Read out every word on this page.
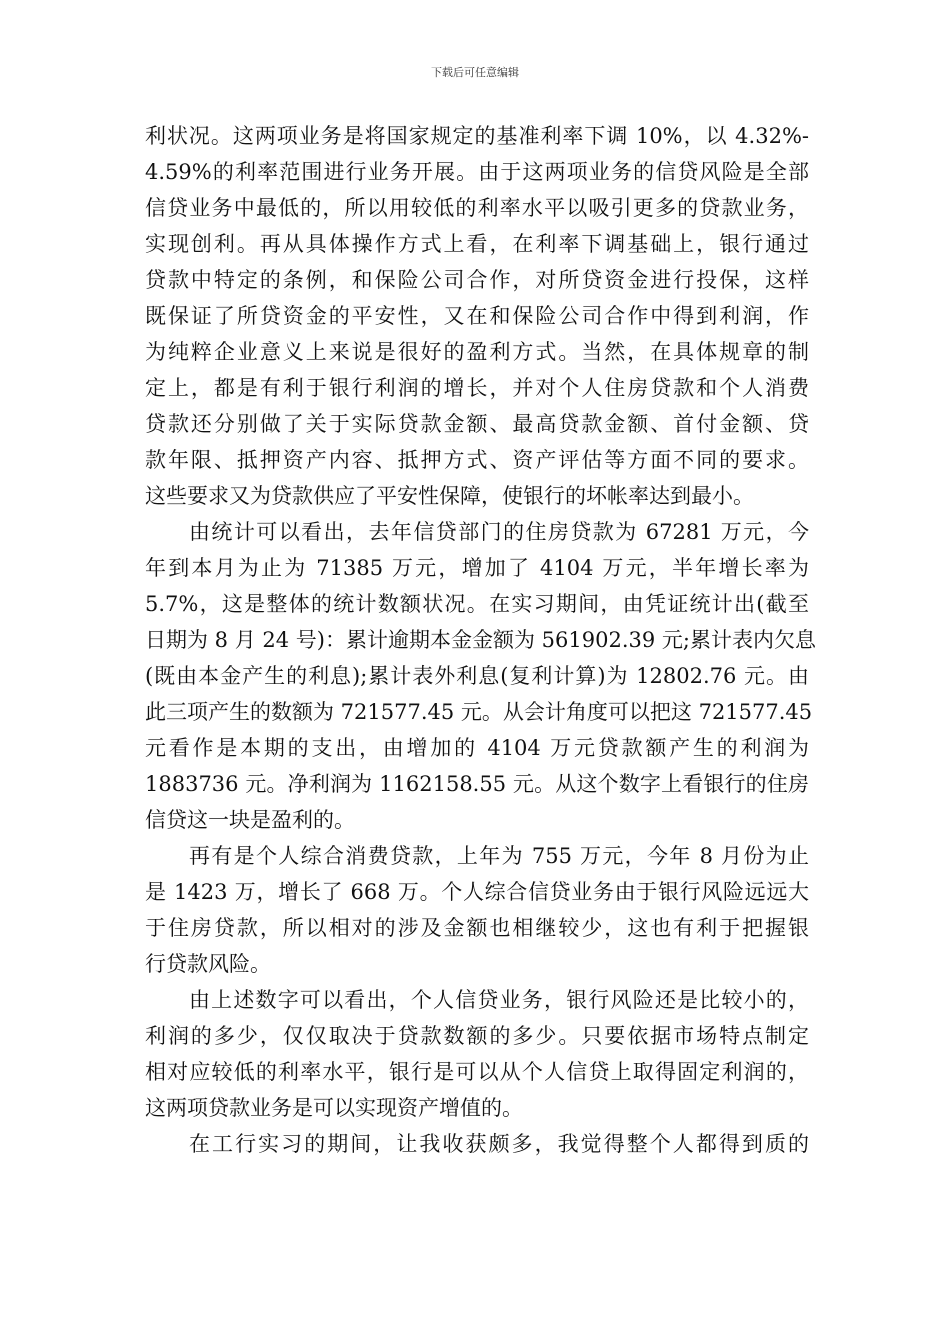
下载后可任意编辑
利状况。这两项业务是将国家规定的基准利率下调 10%，以 4.32%-
4.59%的利率范围进行业务开展。由于这两项业务的信贷风险是全部
信贷业务中最低的，所以用较低的利率水平以吸引更多的贷款业务，
实现创利。再从具体操作方式上看，在利率下调基础上，银行通过
贷款中特定的条例，和保险公司合作，对所贷资金进行投保，这样
既保证了所贷资金的平安性，又在和保险公司合作中得到利润，作
为纯粹企业意义上来说是很好的盈利方式。当然，在具体规章的制
定上，都是有利于银行利润的增长，并对个人住房贷款和个人消费
贷款还分别做了关于实际贷款金额、最高贷款金额、首付金额、贷
款年限、抵押资产内容、抵押方式、资产评估等方面不同的要求。
这些要求又为贷款供应了平安性保障，使银行的坏帐率达到最小。
由统计可以看出，去年信贷部门的住房贷款为 67281 万元，今
年到本月为止为 71385 万元，增加了 4104 万元，半年增长率为
5.7%，这是整体的统计数额状况。在实习期间，由凭证统计出(截至
日期为 8 月 24 号)：累计逾期本金金额为 561902.39 元;累计表内欠息
(既由本金产生的利息);累计表外利息(复利计算)为 12802.76 元。由
此三项产生的数额为 721577.45 元。从会计角度可以把这 721577.45
元看作是本期的支出，由增加的 4104 万元贷款额产生的利润为
1883736 元。净利润为 1162158.55 元。从这个数字上看银行的住房
信贷这一块是盈利的。
再有是个人综合消费贷款，上年为 755 万元，今年 8 月份为止
是 1423 万，增长了 668 万。个人综合信贷业务由于银行风险远远大
于住房贷款，所以相对的涉及金额也相继较少，这也有利于把握银
行贷款风险。
由上述数字可以看出，个人信贷业务，银行风险还是比较小的，
利润的多少，仅仅取决于贷款数额的多少。只要依据市场特点制定
相对应较低的利率水平，银行是可以从个人信贷上取得固定利润的，
这两项贷款业务是可以实现资产增值的。
在工行实习的期间，让我收获颇多，我觉得整个人都得到质的
